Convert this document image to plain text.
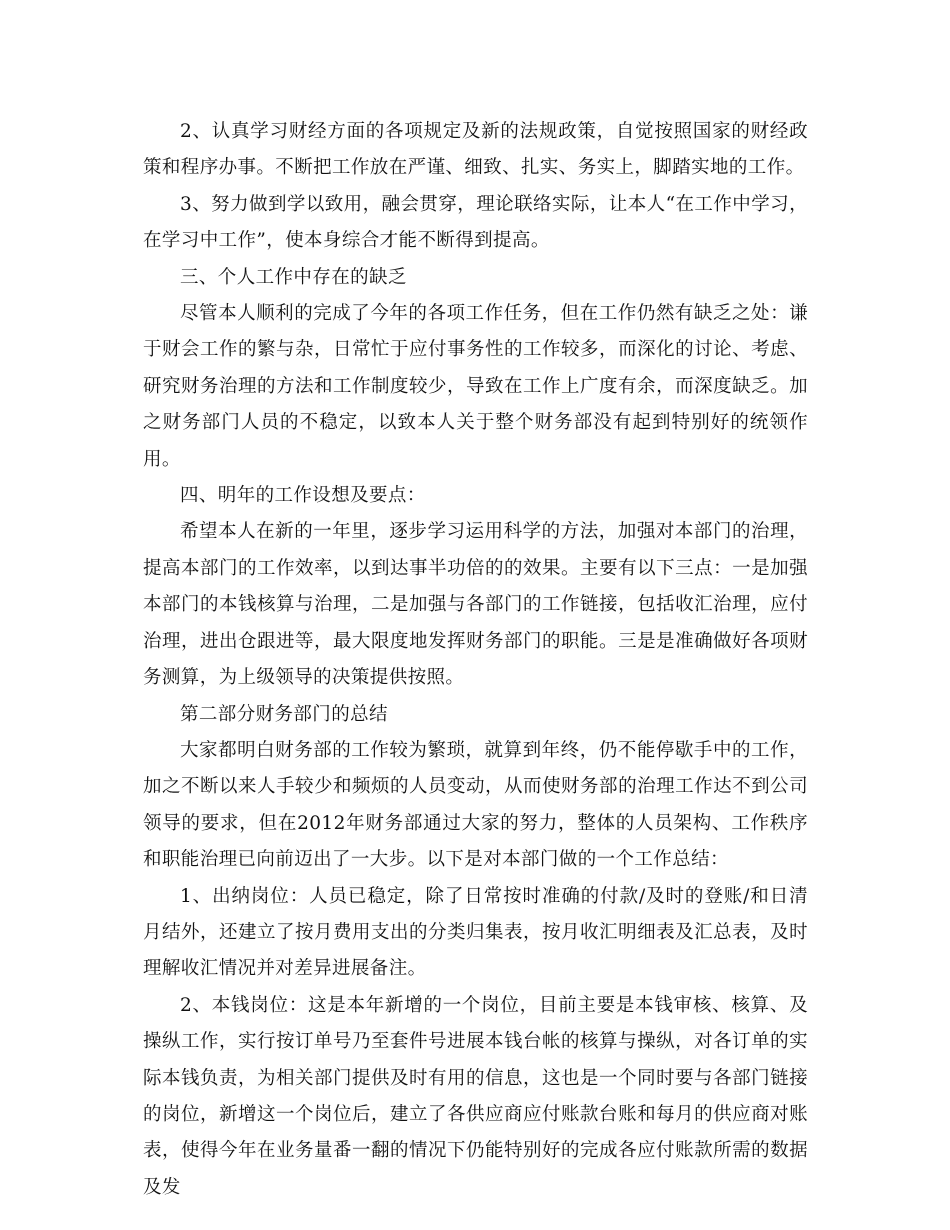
2、认真学习财经方面的各项规定及新的法规政策，自觉按照国家的财经政策和程序办事。不断把工作放在严谨、细致、扎实、务实上，脚踏实地的工作。

3、努力做到学以致用，融会贯穿，理论联络实际，让本人“在工作中学习，在学习中工作”，使本身综合才能不断得到提高。

三、个人工作中存在的缺乏

尽管本人顺利的完成了今年的各项工作任务，但在工作仍然有缺乏之处：谦于财会工作的繁与杂，日常忙于应付事务性的工作较多，而深化的讨论、考虑、研究财务治理的方法和工作制度较少，导致在工作上广度有余，而深度缺乏。加之财务部门人员的不稳定，以致本人关于整个财务部没有起到特别好的统领作用。

四、明年的工作设想及要点：

希望本人在新的一年里，逐步学习运用科学的方法，加强对本部门的治理，提高本部门的工作效率，以到达事半功倍的的效果。主要有以下三点：一是加强本部门的本钱核算与治理，二是加强与各部门的工作链接，包括收汇治理，应付治理，进出仓跟进等，最大限度地发挥财务部门的职能。三是是准确做好各项财务测算，为上级领导的决策提供按照。

第二部分财务部门的总结

大家都明白财务部的工作较为繁琐，就算到年终，仍不能停歇手中的工作，加之不断以来人手较少和频烦的人员变动，从而使财务部的治理工作达不到公司领导的要求，但在2012年财务部通过大家的努力，整体的人员架构、工作秩序和职能治理已向前迈出了一大步。以下是对本部门做的一个工作总结：

1、出纳岗位：人员已稳定，除了日常按时准确的付款/及时的登账/和日清月结外，还建立了按月费用支出的分类归集表，按月收汇明细表及汇总表，及时理解收汇情况并对差异进展备注。

2、本钱岗位：这是本年新增的一个岗位，目前主要是本钱审核、核算、及操纵工作，实行按订单号乃至套件号进展本钱台帐的核算与操纵，对各订单的实际本钱负责，为相关部门提供及时有用的信息，这也是一个同时要与各部门链接的岗位，新增这一个岗位后，建立了各供应商应付账款台账和每月的供应商对账表，使得今年在业务量番一翻的情况下仍能特别好的完成各应付账款所需的数据及发
